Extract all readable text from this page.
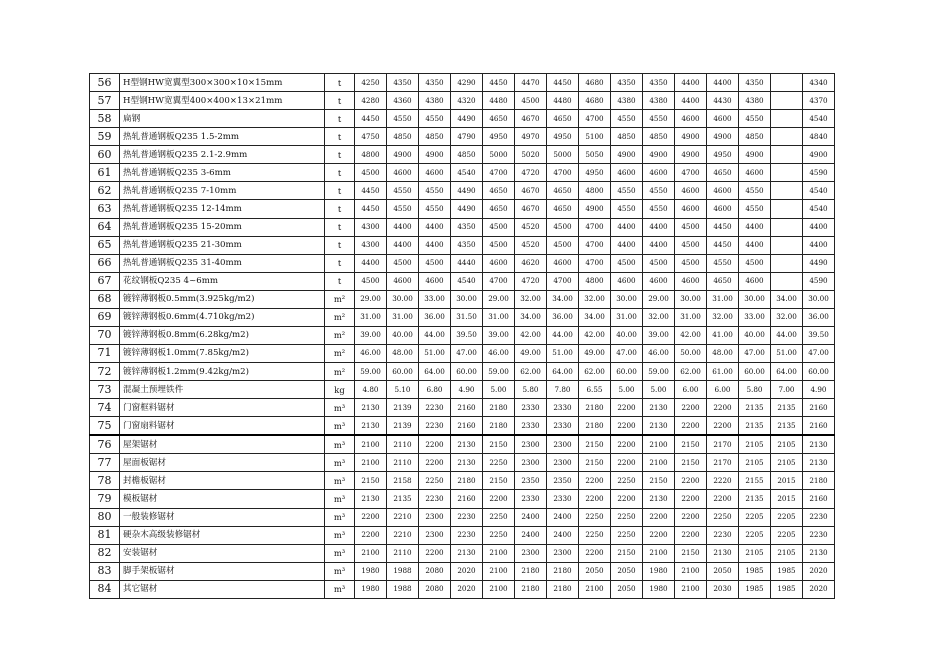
56	H型钢HW宽翼型300×300×10×15mm	t	4250	4350	4350	4290	4450	4470	4450	4680	4350	4350	4400	4400	4350		4340
57	H型钢HW宽翼型400×400×13×21mm	t	4280	4360	4380	4320	4480	4500	4480	4680	4380	4380	4400	4430	4380		4370
58	扁钢	t	4450	4550	4550	4490	4650	4670	4650	4700	4550	4550	4600	4600	4550		4540
59	热轧普通钢板Q235 1.5-2mm	t	4750	4850	4850	4790	4950	4970	4950	5100	4850	4850	4900	4900	4850		4840
60	热轧普通钢板Q235 2.1-2.9mm	t	4800	4900	4900	4850	5000	5020	5000	5050	4900	4900	4900	4950	4900		4900
61	热轧普通钢板Q235 3-6mm	t	4500	4600	4600	4540	4700	4720	4700	4950	4600	4600	4700	4650	4600		4590
62	热轧普通钢板Q235 7-10mm	t	4450	4550	4550	4490	4650	4670	4650	4800	4550	4550	4600	4600	4550		4540
63	热轧普通钢板Q235 12-14mm	t	4450	4550	4550	4490	4650	4670	4650	4900	4550	4550	4600	4600	4550		4540
64	热轧普通钢板Q235 15-20mm	t	4300	4400	4400	4350	4500	4520	4500	4700	4400	4400	4500	4450	4400		4400
65	热轧普通钢板Q235 21-30mm	t	4300	4400	4400	4350	4500	4520	4500	4700	4400	4400	4500	4450	4400		4400
66	热轧普通钢板Q235 31-40mm	t	4400	4500	4500	4440	4600	4620	4600	4700	4500	4500	4500	4550	4500		4490
67	花纹钢板Q235 4~6mm	t	4500	4600	4600	4540	4700	4720	4700	4800	4600	4600	4600	4650	4600		4590
68	镀锌薄钢板0.5mm(3.925kg/m2)	m²	29.00	30.00	33.00	30.00	29.00	32.00	34.00	32.00	30.00	29.00	30.00	31.00	30.00	34.00	30.00
69	镀锌薄钢板0.6mm(4.710kg/m2)	m²	31.00	31.00	36.00	31.50	31.00	34.00	36.00	34.00	31.00	32.00	31.00	32.00	33.00	32.00	36.00
70	镀锌薄钢板0.8mm(6.28kg/m2)	m²	39.00	40.00	44.00	39.50	39.00	42.00	44.00	42.00	40.00	39.00	42.00	41.00	40.00	44.00	39.50
71	镀锌薄钢板1.0mm(7.85kg/m2)	m²	46.00	48.00	51.00	47.00	46.00	49.00	51.00	49.00	47.00	46.00	50.00	48.00	47.00	51.00	47.00
72	镀锌薄钢板1.2mm(9.42kg/m2)	m²	59.00	60.00	64.00	60.00	59.00	62.00	64.00	62.00	60.00	59.00	62.00	61.00	60.00	64.00	60.00
73	混凝土预埋铁件	kg	4.80	5.10	6.80	4.90	5.00	5.80	7.80	6.55	5.00	5.00	6.00	6.00	5.80	7.00	4.90
74	门窗框料锯材	m³	2130	2139	2230	2160	2180	2330	2330	2180	2200	2130	2200	2200	2135	2135	2160
75	门窗扇料锯材	m³	2130	2139	2230	2160	2180	2330	2330	2180	2200	2130	2200	2200	2135	2135	2160
76	屋架锯材	m³	2100	2110	2200	2130	2150	2300	2300	2150	2200	2100	2150	2170	2105	2105	2130
77	屋面板锯材	m³	2100	2110	2200	2130	2250	2300	2300	2150	2200	2100	2150	2170	2105	2105	2130
78	封檐板锯材	m³	2150	2158	2250	2180	2150	2350	2350	2200	2250	2150	2200	2220	2155	2015	2180
79	模板锯材	m³	2130	2135	2230	2160	2200	2330	2330	2200	2200	2130	2200	2200	2135	2015	2160
80	一般装修锯材	m³	2200	2210	2300	2230	2250	2400	2400	2250	2250	2200	2200	2250	2205	2205	2230
81	硬杂木高级装修锯材	m³	2200	2210	2300	2230	2250	2400	2400	2250	2250	2200	2200	2230	2205	2205	2230
82	安装锯材	m³	2100	2110	2200	2130	2100	2300	2300	2200	2150	2100	2150	2130	2105	2105	2130
83	脚手架板锯材	m³	1980	1988	2080	2020	2100	2180	2180	2050	2050	1980	2100	2050	1985	1985	2020
84	其它锯材	m³	1980	1988	2080	2020	2100	2180	2180	2100	2050	1980	2100	2030	1985	1985	2020
